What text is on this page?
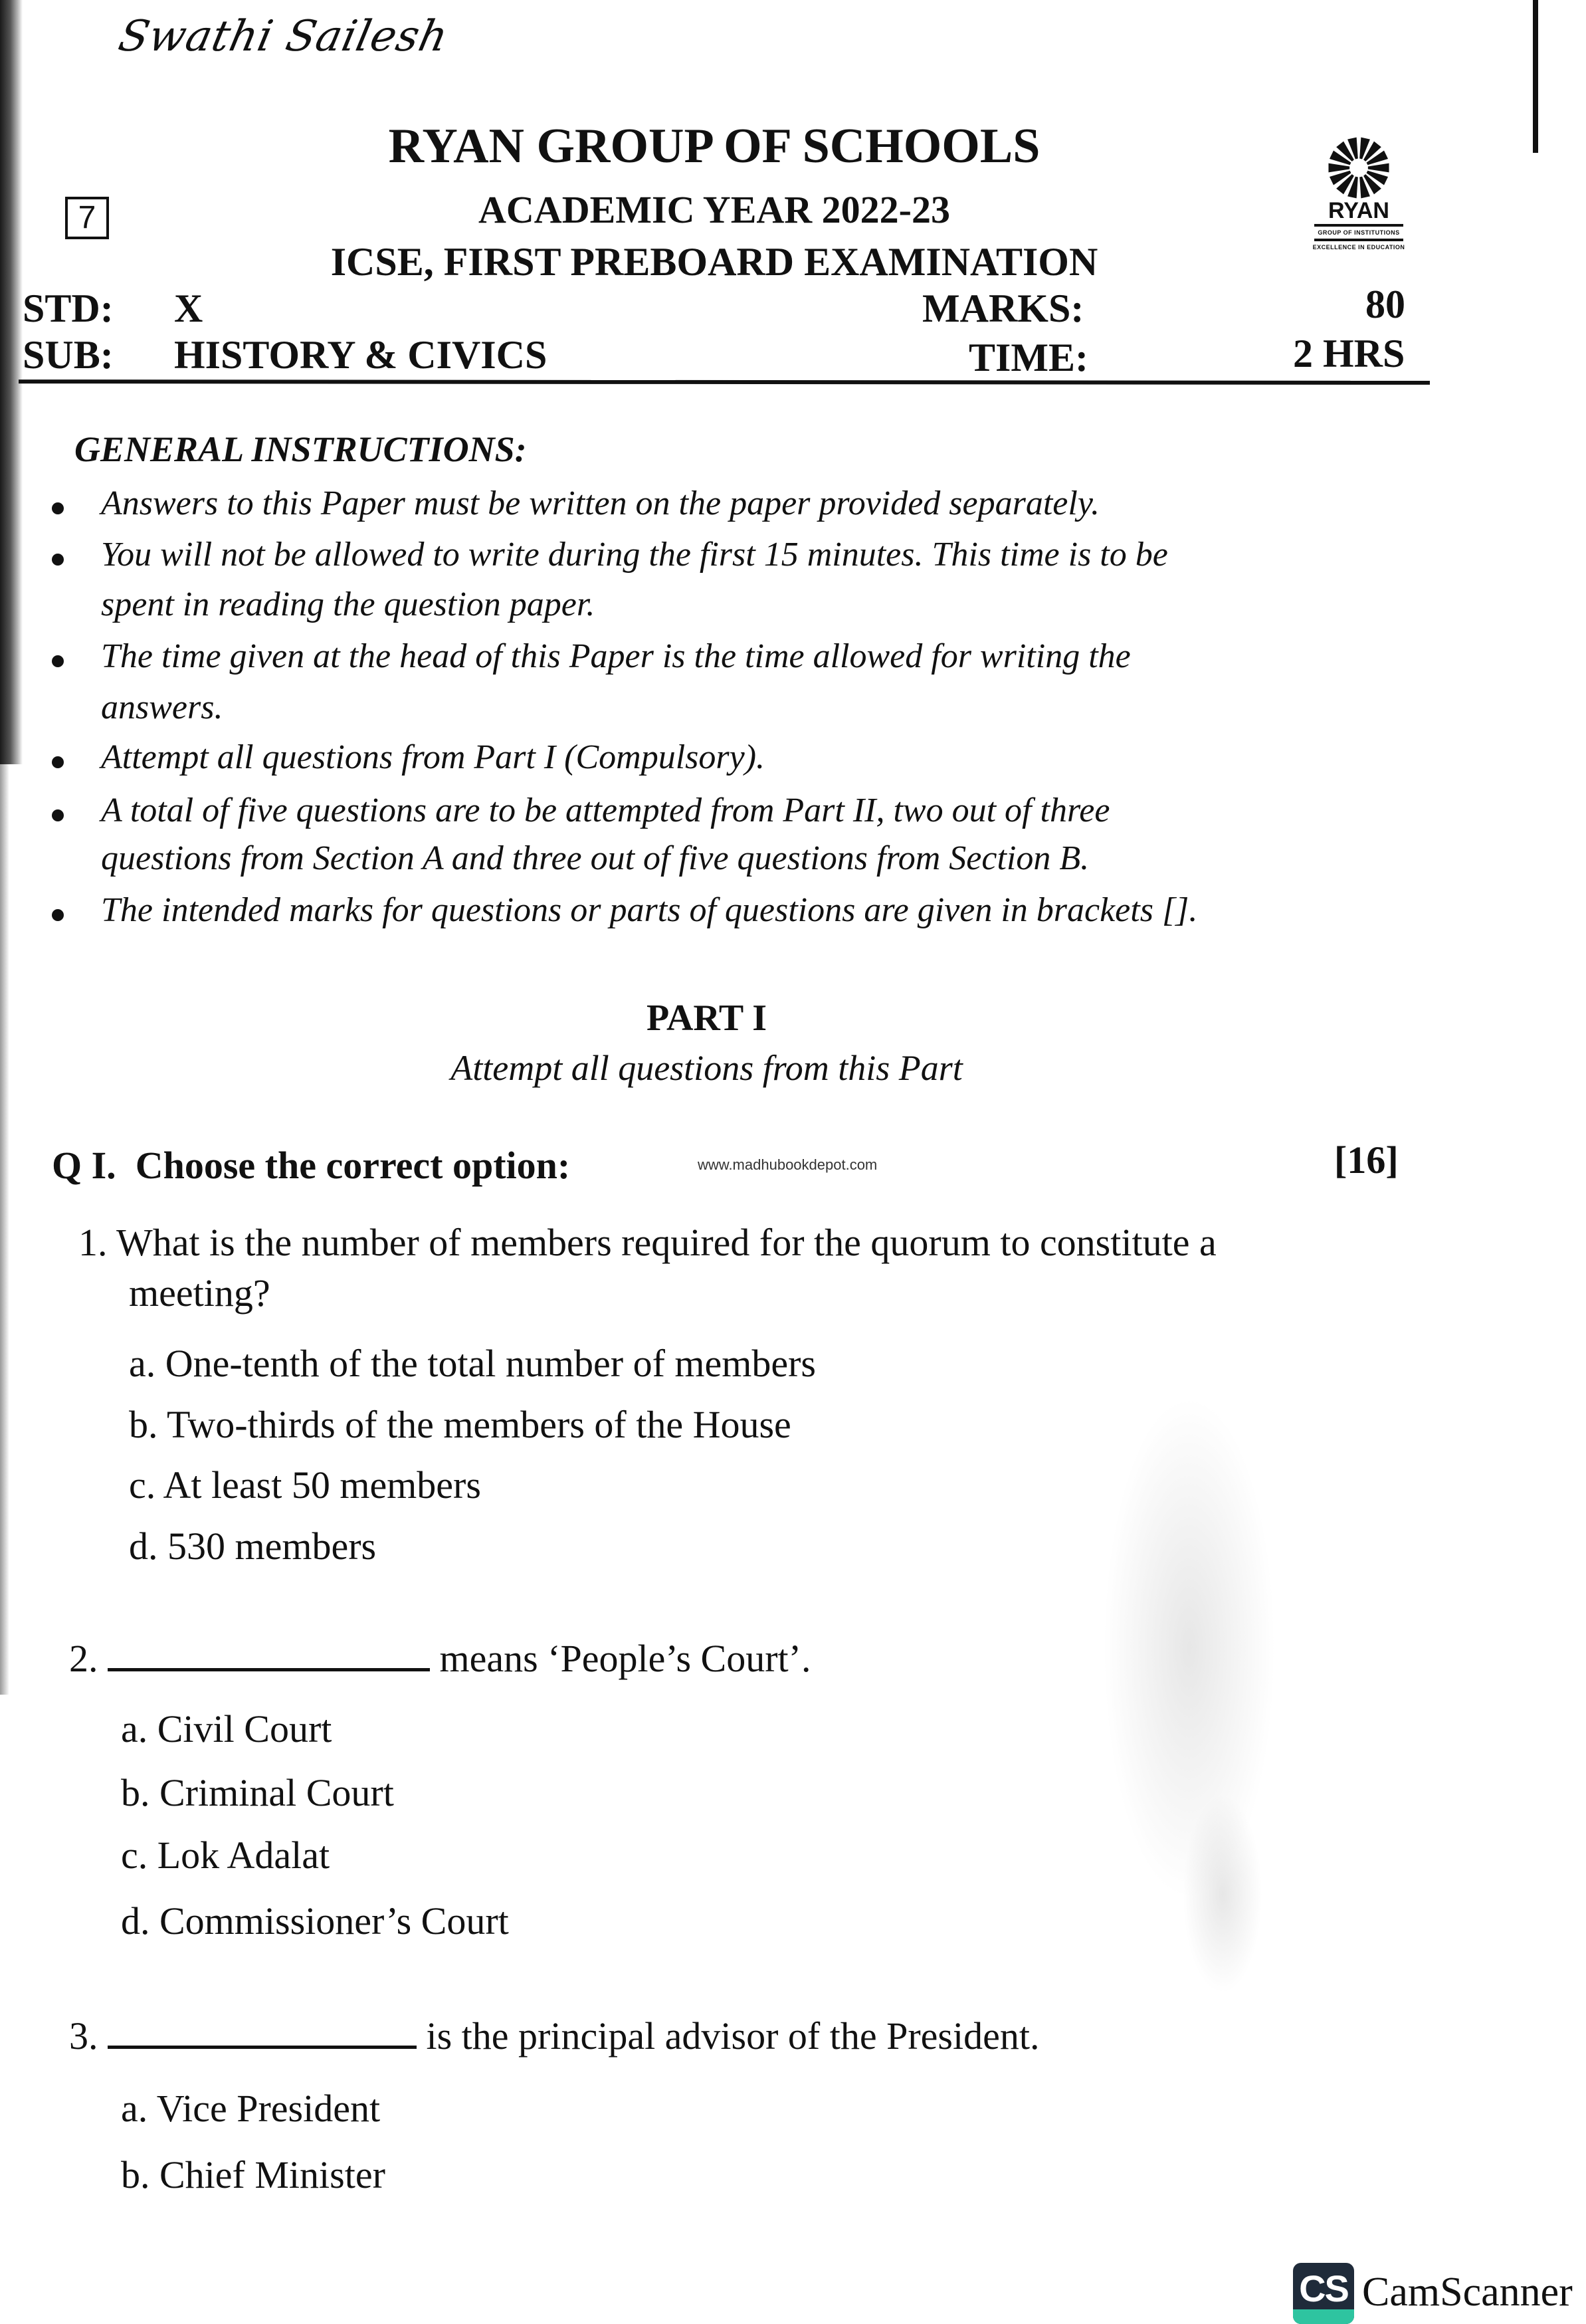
Swathi Sailesh
7
RYAN GROUP OF SCHOOLS
ACADEMIC YEAR 2022-23
ICSE, FIRST PREBOARD EXAMINATION
RYAN
GROUP OF INSTITUTIONS
EXCELLENCE IN EDUCATION
STD: X	MARKS:	80
SUB: HISTORY & CIVICS	TIME:	2 HRS
GENERAL INSTRUCTIONS:
Answers to this Paper must be written on the paper provided separately.
You will not be allowed to write during the first 15 minutes. This time is to be
spent in reading the question paper.
The time given at the head of this Paper is the time allowed for writing the
answers.
Attempt all questions from Part I (Compulsory).
A total of five questions are to be attempted from Part II, two out of three
questions from Section A and three out of five questions from Section B.
The intended marks for questions or parts of questions are given in brackets [].
PART I
Attempt all questions from this Part
Q I. Choose the correct option:	www.madhubookdepot.com	[16]
1. What is the number of members required for the quorum to constitute a
meeting?
a. One-tenth of the total number of members
b. Two-thirds of the members of the House
c. At least 50 members
d. 530 members
2.	means ‘People’s Court’.
a. Civil Court
b. Criminal Court
c. Lok Adalat
d. Commissioner’s Court
3.	is the principal advisor of the President.
a. Vice President
b. Chief Minister
CS CamScanner
